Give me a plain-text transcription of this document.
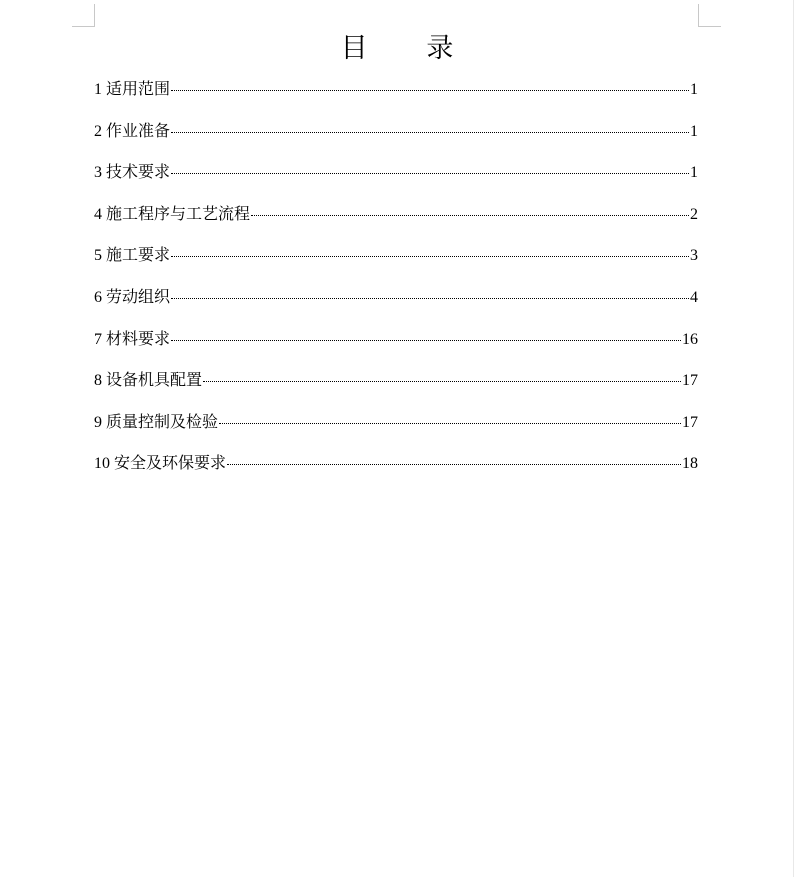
目 录
1 适用范围	1
2 作业准备	1
3 技术要求	1
4 施工程序与工艺流程	2
5 施工要求	3
6 劳动组织	4
7 材料要求	16
8 设备机具配置	17
9 质量控制及检验	17
10 安全及环保要求	18
